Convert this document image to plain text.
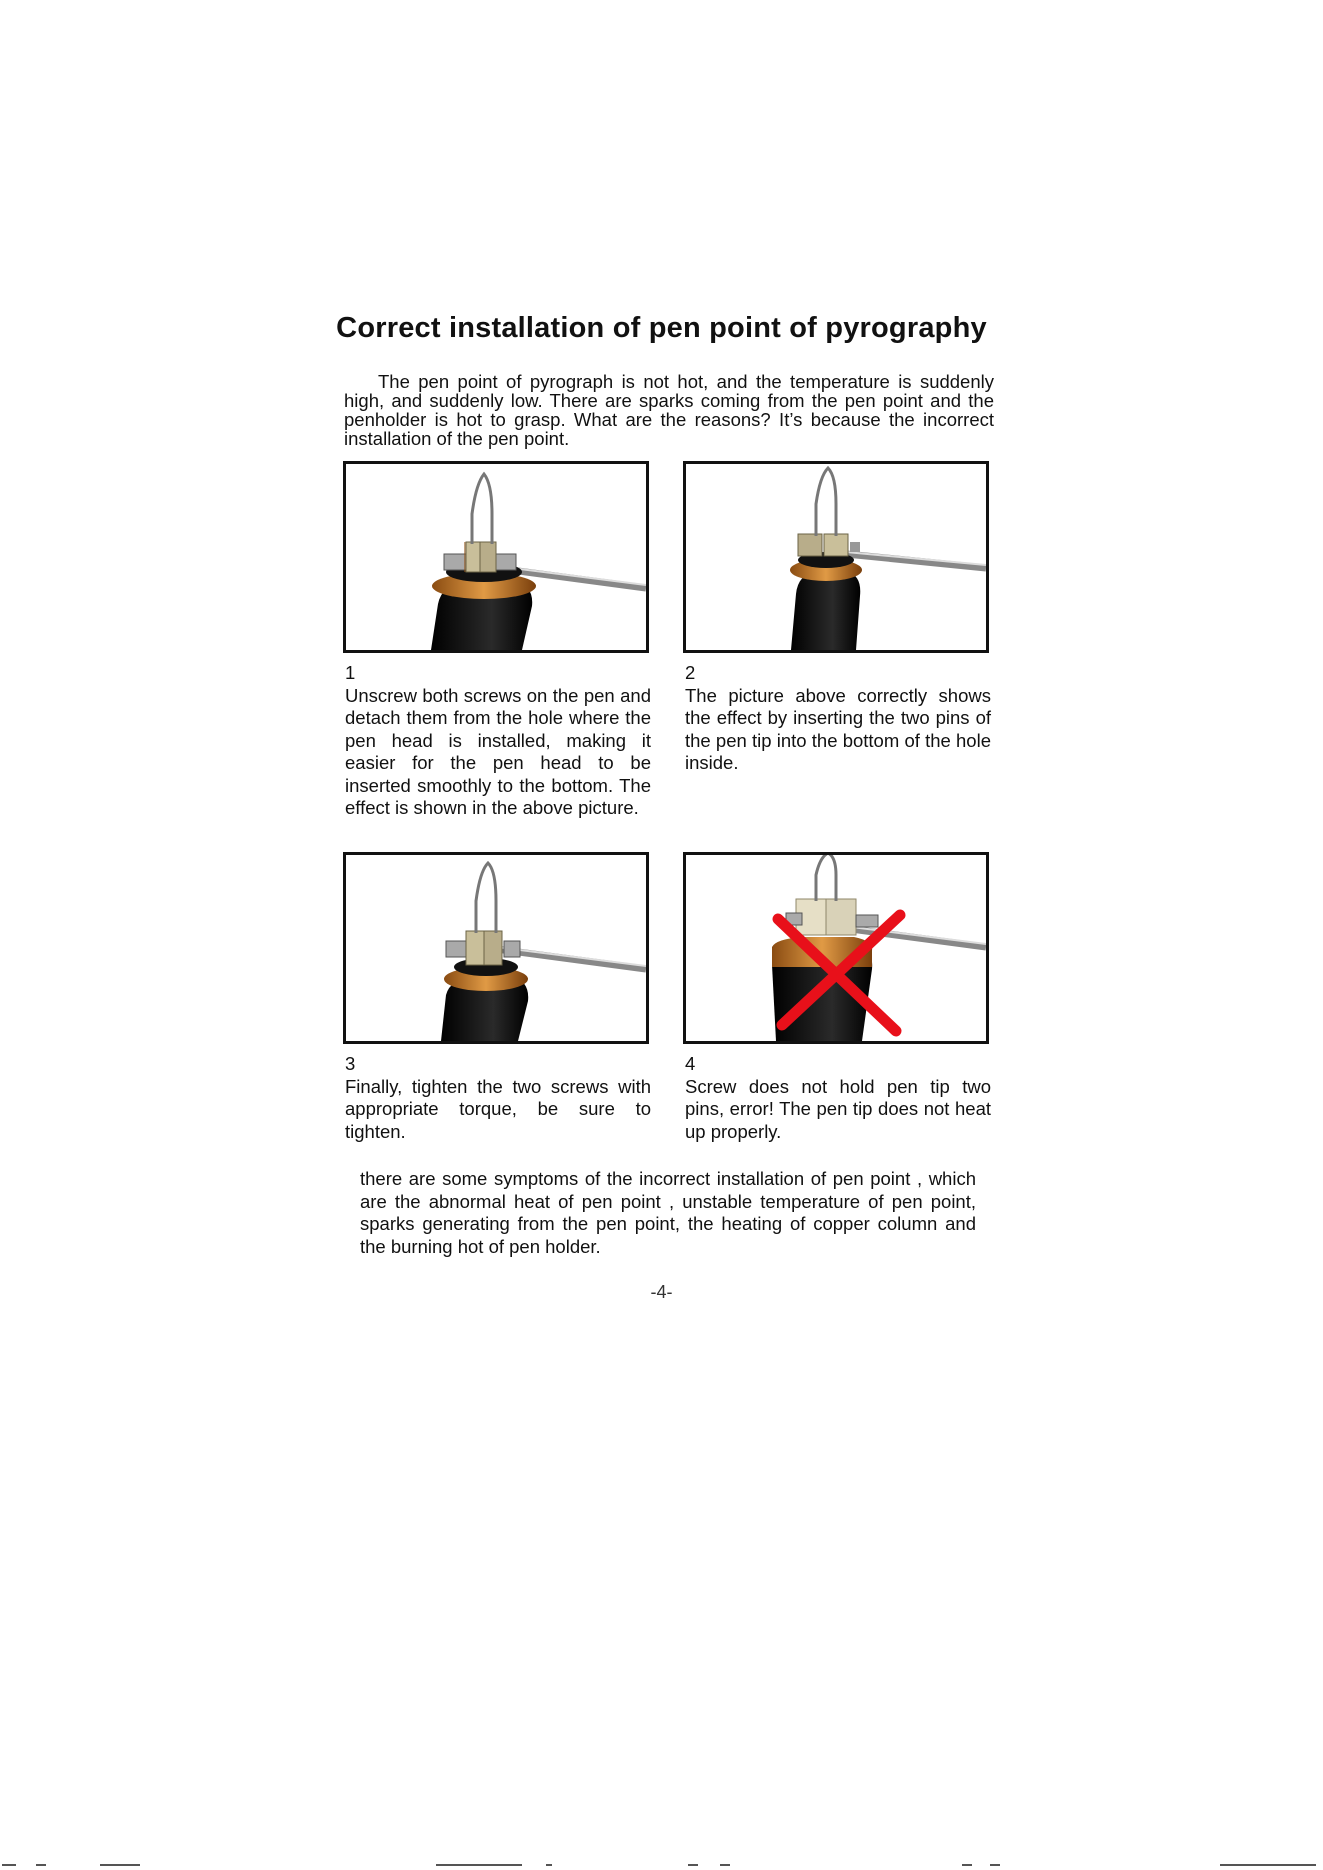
Correct installation of pen point of pyrography

The pen point of pyrograph is not hot, and the temperature is suddenly high, and suddenly low. There are sparks coming from the pen point and the penholder is hot to grasp. What are the reasons? It’s because the incorrect installation of the pen point.

1
Unscrew both screws on the pen and detach them from the hole where the pen head is installed, making it easier for the pen head to be inserted smoothly to the bottom. The effect is shown in the above picture.
2
The picture above correctly shows the effect by inserting the two pins of the pen tip into the bottom of the hole inside.
3
Finally, tighten the two screws with appropriate torque, be sure to tighten.
4
Screw does not hold pen tip two pins, error! The pen tip does not heat up properly.
there are some symptoms of the incorrect installation of pen point , which are the abnormal heat of pen point , unstable temperature of pen point, sparks generating from the pen point, the heating of copper column and the burning hot of pen holder.
-4-
